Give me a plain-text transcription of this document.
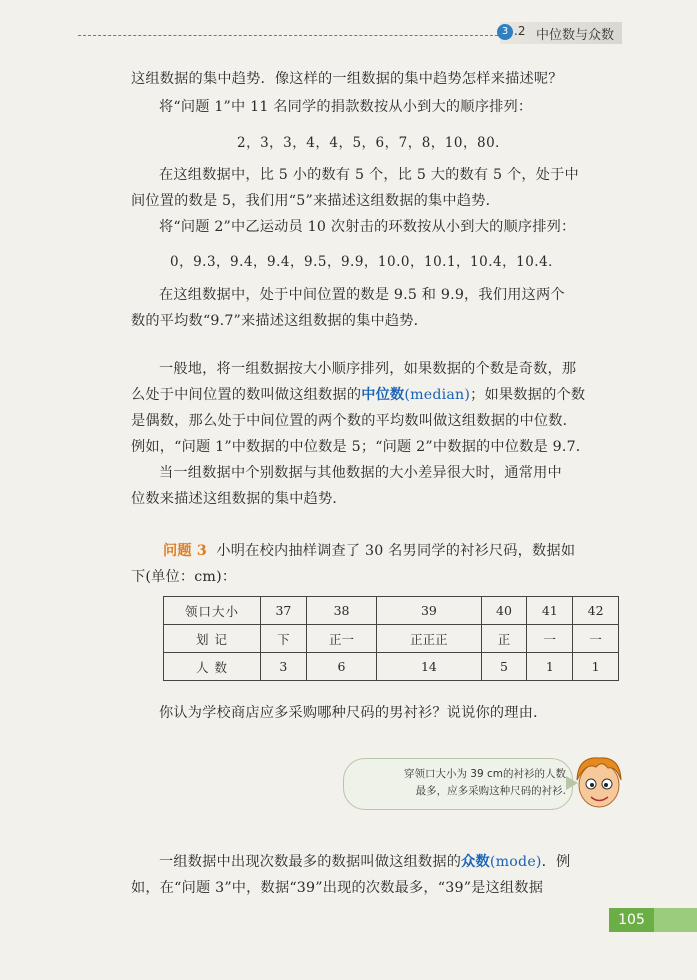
3 .2 中位数与众数
这组数据的集中趋势．像这样的一组数据的集中趋势怎样来描述呢？
将“问题 1”中 11 名同学的捐款数按从小到大的顺序排列：
2，3，3，4，4，5，6，7，8，10，80．
在这组数据中，比 5 小的数有 5 个，比 5 大的数有 5 个，处于中
间位置的数是 5，我们用“5”来描述这组数据的集中趋势．
将“问题 2”中乙运动员 10 次射击的环数按从小到大的顺序排列：
0，9.3，9.4，9.4，9.5，9.9，10.0，10.1，10.4，10.4．
在这组数据中，处于中间位置的数是 9.5 和 9.9，我们用这两个
数的平均数“9.7”来描述这组数据的集中趋势．
一般地，将一组数据按大小顺序排列，如果数据的个数是奇数，那
么处于中间位置的数叫做这组数据的中位数(median)；如果数据的个数
是偶数，那么处于中间位置的两个数的平均数叫做这组数据的中位数．
例如，“问题 1”中数据的中位数是 5；“问题 2”中数据的中位数是 9.7．
当一组数据中个别数据与其他数据的大小差异很大时，通常用中
位数来描述这组数据的集中趋势．
问题 3 小明在校内抽样调查了 30 名男同学的衬衫尺码，数据如
下(单位：cm)：
领口大小	37	38	39	40	41	42
划 记	下	正一	正正正	正	一	一
人 数	3	6	14	5	1	1
你认为学校商店应多采购哪种尺码的男衬衫？说说你的理由．
穿领口大小为 39 cm的衬衫的人数
最多，应多采购这种尺码的衬衫.
一组数据中出现次数最多的数据叫做这组数据的众数(mode)．例
如，在“问题 3”中，数据“39”出现的次数最多，“39”是这组数据
105
